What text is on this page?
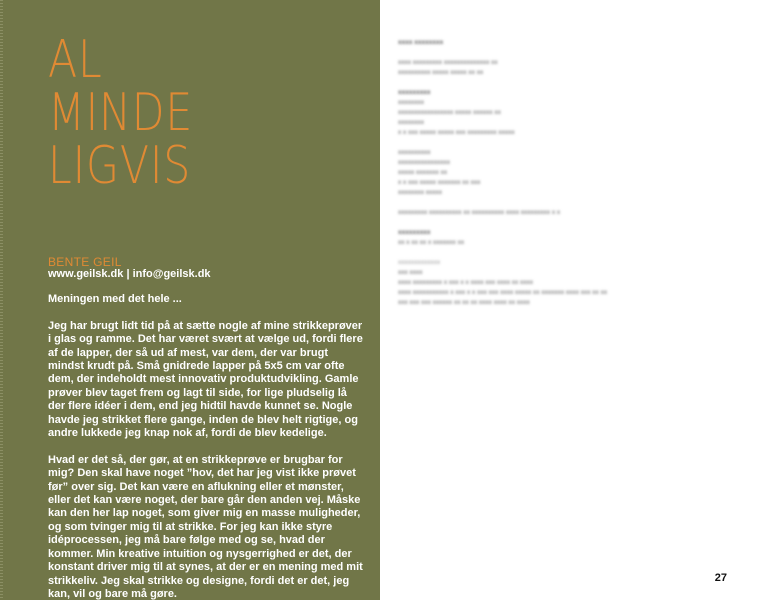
AL
MINDE
LIGVIS

BENTE GEIL

www.geilsk.dk | info@geilsk.dk

Meningen med det hele ...

Jeg har brugt lidt tid på at sætte nogle af mine strikkeprøver i glas og ramme. Det har været svært at vælge ud, fordi flere af de lapper, der så ud af mest, var dem, der var brugt mindst krudt på. Små gnidrede lapper på 5x5 cm var ofte dem, der indeholdt mest innovativ produktudvikling. Gamle prøver blev taget frem og lagt til side, for lige pludselig lå der flere idéer i dem, end jeg hidtil havde kunnet se. Nogle havde jeg strikket flere gange, inden de blev helt rigtige, og andre lukkede jeg knap nok af, fordi de blev kedelige.

Hvad er det så, der gør, at en strikkeprøve er brugbar for mig? Den skal have noget ”hov, det har jeg vist ikke prøvet før” over sig. Det kan være en aflukning eller et mønster, eller det kan være noget, der bare går den anden vej. Måske kan den her lap noget, som giver mig en masse muligheder, og som tvinger mig til at strikke. For jeg kan ikke styre idéprocessen, jeg må bare følge med og se, hvad der kommer. Min kreative intuition og nysgerrighed er det, der konstant driver mig til at synes, at der er en mening med mit strikkeliv. Jeg skal strikke og designe, fordi det er det, jeg kan, vil og bare må gøre.

xxxx xxxxxxxx
xxxx xxxxxxxxx xxxxxxxxxxxxxx xx
xxxxxxxxxx xxxxx xxxxx xx xx
xxxxxxxxx
xxxxxxxx
xxxxxxxxxxxxxxxxx xxxxx xxxxxx xx
xxxxxxxx
x x xxx xxxxx xxxxx xxx xxxxxxxxx xxxxx
xxxxxxxxxx
xxxxxxxxxxxxxxxx
xxxxx xxxxxxx xx
x x xxx xxxxx xxxxxxx xx xxx
xxxxxxxx xxxxx
xxxxxxxxx xxxxxxxxxx xx xxxxxxxxxx xxxx xxxxxxxxx x x
xxxxxxxxx
xx x xx xx x xxxxxxx xx
xxxxxxxxxxxxx
xxx xxxx
xxxx xxxxxxxxx x xxx x x xxxx xxx xxxx xx xxxx
xxxx xxxxxxxxxxx x xxx x x xxx xxx xxxx xxxxx xx xxxxxxx xxxx xxx xx xx
xxx xxx xxx xxxxxx xx xx xx xxxx xxxx xx xxxx

27
